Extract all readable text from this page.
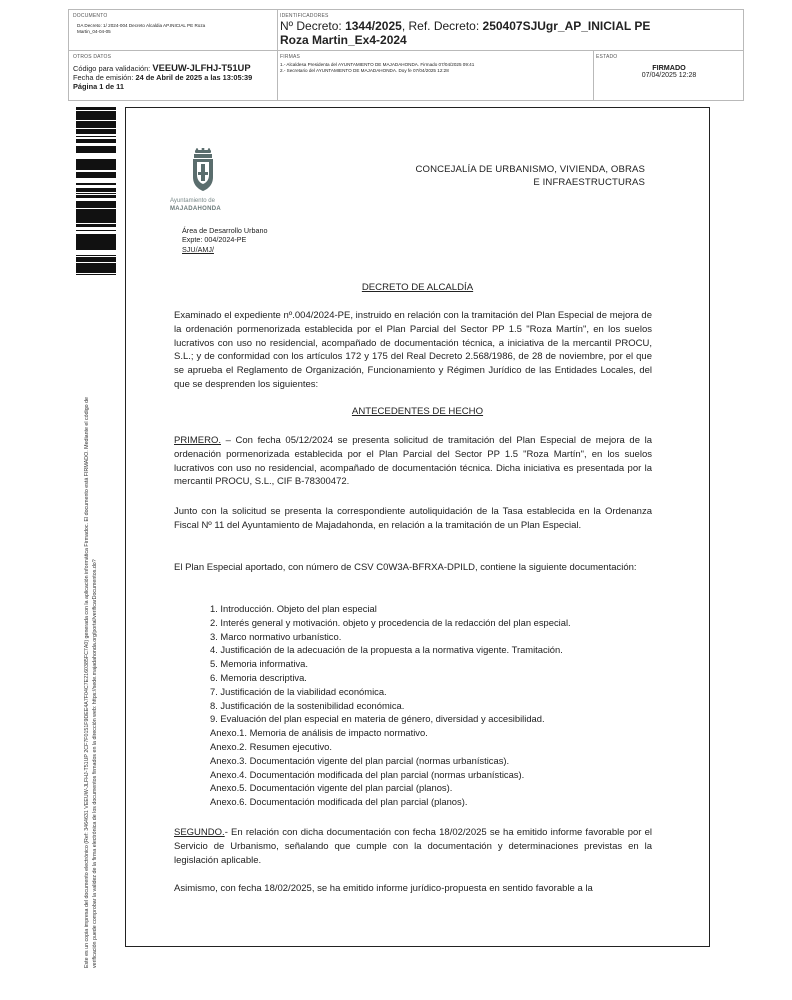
DOCUMENTO
DA Decreto: 1/ 2024-004 Decreto Alcaldia AP.INICIAL PE Roza
Martin_04-04-05
IDENTIFICADORES
Nº Decreto: 1344/2025, Ref. Decreto: 250407SJUgr_AP_INICIAL PE
Roza Martin_Ex4-2024
OTROS DATOS
Código para validación: VEEUW-JLFHJ-T51UP
Fecha de emisión: 24 de Abril de 2025 a las 13:05:39
Página 1 de 11
FIRMAS
1.- Alcaldesa Presidenta del AYUNTAMIENTO DE MAJADAHONDA. Firmado 07/04/2025 09:41
2.- Secretario del AYUNTAMIENTO DE MAJADAHONDA. Doy fe 07/04/2025 12:28
ESTADO
FIRMADO
07/04/2025 12:28
Este es un copia impresa del documento electrónico (Ref: 3464631 VEEUW-JLFHJ-T51UP 2CF7F0151F9DEE4A7F04C7E2160385FC7A0) generada con la aplicación informática Firmadoc. El documento está FIRMADO. Mediante el código de verificación puede comprobar la validez de la firma electrónica de los documentos firmados en la dirección web: https://sede.majadahonda.org/portal/verificarDocumentos.do?
Ayuntamiento de
MAJADAHONDA
CONCEJALÍA DE URBANISMO, VIVIENDA, OBRAS
E INFRAESTRUCTURAS
Área de Desarrollo Urbano
Expte: 004/2024-PE
SJU/AMJ/
DECRETO DE ALCALDÍA
Examinado el expediente nº.004/2024-PE, instruido en relación con la tramitación del Plan Especial de mejora de la ordenación pormenorizada establecida por el Plan Parcial del Sector PP 1.5 "Roza Martín", en los suelos lucrativos con uso no residencial, acompañado de documentación técnica, a iniciativa de la mercantil PROCU, S.L.; y de conformidad con los artículos 172 y 175 del Real Decreto 2.568/1986, de 28 de noviembre, por el que se aprueba el Reglamento de Organización, Funcionamiento y Régimen Jurídico de las Entidades Locales, del que se desprenden los siguientes:
ANTECEDENTES DE HECHO
PRIMERO. – Con fecha 05/12/2024 se presenta solicitud de tramitación del Plan Especial de mejora de la ordenación pormenorizada establecida por el Plan Parcial del Sector PP 1.5 "Roza Martín", en los suelos lucrativos con uso no residencial, acompañado de documentación técnica. Dicha iniciativa es presentada por la mercantil PROCU, S.L., CIF B-78300472.
Junto con la solicitud se presenta la correspondiente autoliquidación de la Tasa establecida en la Ordenanza Fiscal Nº 11 del Ayuntamiento de Majadahonda, en relación a la tramitación de un Plan Especial.
El Plan Especial aportado, con número de CSV C0W3A-BFRXA-DPILD, contiene la siguiente documentación:
1. Introducción. Objeto del plan especial
2. Interés general y motivación. objeto y procedencia de la redacción del plan especial.
3. Marco normativo urbanístico.
4. Justificación de la adecuación de la propuesta a la normativa vigente. Tramitación.
5. Memoria informativa.
6. Memoria descriptiva.
7. Justificación de la viabilidad económica.
8. Justificación de la sostenibilidad económica.
9. Evaluación del plan especial en materia de género, diversidad y accesibilidad.
Anexo.1. Memoria de análisis de impacto normativo.
Anexo.2. Resumen ejecutivo.
Anexo.3. Documentación vigente del plan parcial (normas urbanísticas).
Anexo.4. Documentación modificada del plan parcial (normas urbanísticas).
Anexo.5. Documentación vigente del plan parcial (planos).
Anexo.6. Documentación modificada del plan parcial (planos).
SEGUNDO.- En relación con dicha documentación con fecha 18/02/2025 se ha emitido informe favorable por el Servicio de Urbanismo, señalando que cumple con la documentación y determinaciones previstas en la legislación aplicable.
Asimismo, con fecha 18/02/2025, se ha emitido informe jurídico-propuesta en sentido favorable a la
